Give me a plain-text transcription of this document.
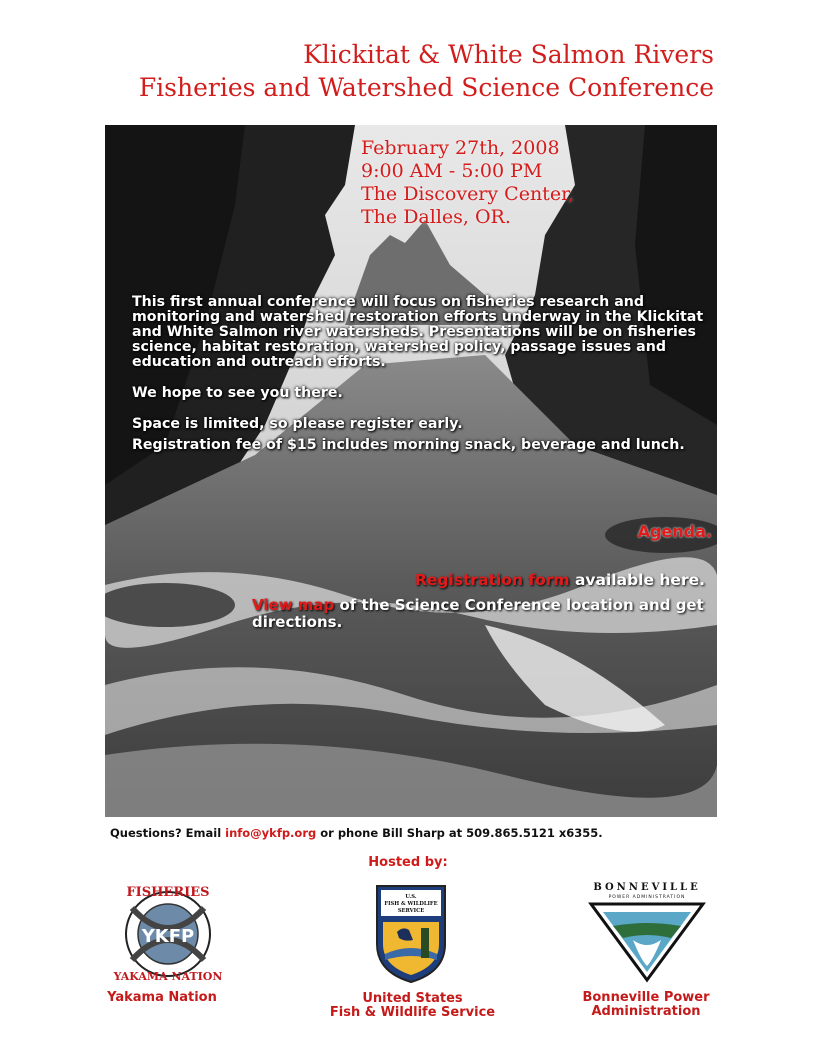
Klickitat & White Salmon Rivers
Fisheries and Watershed Science Conference
February 27th, 2008
9:00 AM - 5:00 PM
The Discovery Center,
The Dalles, OR.

This first annual conference will focus on fisheries research and monitoring and watershed restoration efforts underway in the Klickitat and White Salmon river watersheds. Presentations will be on fisheries science, habitat restoration, watershed policy, passage issues and education and outreach efforts.

We hope to see you there.

Space is limited, so please register early.

Registration fee of $15 includes morning snack, beverage and lunch.

Agenda.
Registration form available here.
View map of the Science Conference location and get directions.
Questions? Email info@ykfp.org or phone Bill Sharp at 509.865.5121 x6355.
Hosted by:
FISHERIES
YAKAMA NATION
YKFP
Yakama Nation
U.S.
FISH & WILDLIFE
SERVICE
United States
Fish & Wildlife Service
BONNEVILLE
POWER ADMINISTRATION
Bonneville Power
Administration
